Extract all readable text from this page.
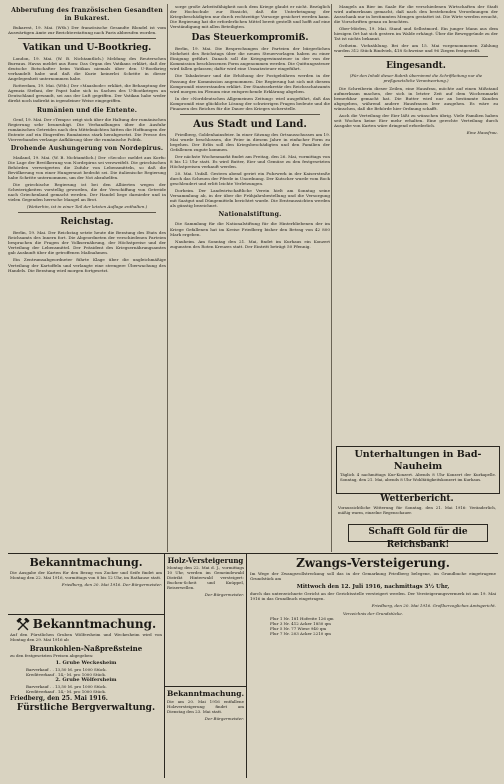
Abberufung des französischen Gesandten in Bukarest.

Bukarest, 19. Mai. (Wtb.) Der französische Gesandte Blondel ist vom Auswärtigen Amte zur Berichterstattung nach Paris abberufen worden.

Vatikan und U-Bootkrieg.

London, 19. Mai. (W. B. Nichtamtlich.) Meldung des Reuterschen Bureaus. Havas meldet aus Rom: Das Organ des Vatikans erklärt, daß der deutsche Botschafter beim Vatikan niemals über den U-Bootkrieg verhandelt habe und daß die Kurie keinerlei Schritte in dieser Angelegenheit unternommen habe.

Rotterdam, 19. Mai. (Wtb.) Der »Maasbode« erklärt, die Behauptung der Agenzia Stefani, der Papst habe sich in Sachen des U-Bootkrieges an Deutschland gewandt, sei aus der Luft gegriffen. Der Vatikan habe weder direkt noch indirekt in irgendeiner Weise eingegriffen.

Rumänien und die Entente.

Genf, 19. Mai. Der »Temps« zeigt sich über die Haltung der rumänischen Regierung sehr beunruhigt. Die Verhandlungen über die Ausfuhr rumänischen Getreides nach den Mittelmächten hätten die Hoffnungen der Entente auf ein Eingreifen Rumäniens stark herabgesetzt. Die Presse des Vierverbandes verlange Aufklärung über die rumänische Politik.

Drohende Aushungerung von Nordepirus.

Mailand, 19. Mai. (W. B. Nichtamtlich.) Der »Secolo« meldet aus Korfu: Die Lage der Bevölkerung von Nordepirus sei verzweifelt. Die griechischen Behörden verweigerten die Zufuhr von Lebensmitteln, so daß die Bevölkerung von einer Hungersnot bedroht sei. Die italienische Regierung habe Schritte unternommen, um der Not abzuhelfen.

Die griechische Regierung ist bei den Alliierten wegen der Schwierigkeiten vorstellig geworden, die der Verschiffung von Getreide nach Griechenland gemacht werden. Der Handel liege darnieder und in vielen Gegenden herrsche Mangel an Brot.

(Weiterhin, ist in einer Teil der letzten Auflage enthalten.)
Reichstag.

Berlin, 19. Mai. Der Reichstag setzte heute die Beratung des Etats des Reichsamts des Innern fort. Die Abgeordneten der verschiedenen Parteien besprachen die Fragen der Volksernährung, der Höchstpreise und der Verteilung der Lebensmittel. Der Präsident des Kriegsernährungsamtes gab Auskunft über die getroffenen Maßnahmen.

Ein Zentrumsabgeordneter führte Klage über die ungleichmäßige Verteilung der Kartoffeln und verlangte eine strengere Überwachung des Handels. Die Beratung wird morgen fortgesetzt.

sorge große Arbeitsfähigkeit noch dem Kriege glaubt er nicht. Bezüglich der Hochschule zur Einsicht, daß die Unterbringung der Kriegsbeschädigten nur durch rechtzeitige Vorsorge gesichert werden kann. Die Regierung hat die erforderlichen Mittel bereit gestellt und hofft auf eine Verständigung mit allen Beteiligten.

Das Steuerkompromiß.

Berlin, 19. Mai. Die Besprechungen der Parteien der bürgerlichen Mehrheit des Reichstags über die neuen Steuervorlagen haben zu einer Einigung geführt. Danach soll die Kriegsgewinnsteuer in der von der Kommission beschlossenen Form angenommen werden. Die Quittungssteuer wird fallen gelassen; dafür wird eine Umsatzsteuer eingeführt.

Die Tabaksteuer und die Erhöhung der Postgebühren werden in der Fassung der Kommission angenommen. Die Regierung hat sich mit diesem Kompromiß einverstanden erklärt. Der Staatssekretär des Reichsschatzamts wird morgen im Plenum eine entsprechende Erklärung abgeben.

In der »Norddeutschen Allgemeinen Zeitung« wird ausgeführt, daß das Kompromiß eine glückliche Lösung der schwierigen Fragen bedeute und die Finanzen des Reiches für die Dauer des Krieges sicherstelle.

Aus Stadt und Land.

Friedberg, Goldenhainsfeier. In einer Sitzung des Ortsausschusses am 19. Mai wurde beschlossen, die Feier in diesem Jahre in einfacher Form zu begehen. Der Erlös soll den Kriegsbeschädigten und den Familien der Gefallenen zugute kommen.

Der nächste Wochenmarkt findet am Freitag, den 26. Mai, vormittags von 8 bis 12 Uhr statt. Es wird Butter, Eier und Gemüse zu den festgesetzten Höchstpreisen verkauft werden.

20. Mai. Unfall. Gestern abend geriet ein Fuhrwerk in der Kaiserstraße durch das Scheuen der Pferde in Unordnung. Der Kutscher wurde vom Bock geschleudert und erlitt leichte Verletzungen.

Dorheim. Der Landwirtschaftliche Verein hielt am Sonntag seine Versammlung ab, in der über die Frühjahrsbestellung und die Versorgung mit Saatgut und Düngemitteln berichtet wurde. Die Ernteaussichten werden als günstig bezeichnet.

Nationalstiftung.

Die Sammlung für die Nationalstiftung für die Hinterbliebenen der im Kriege Gefallenen hat im Kreise Friedberg bisher den Betrag von 42 800 Mark ergeben.

Nauheim. Am Sonntag den 21. Mai, findet im Kurhaus ein Konzert zugunsten des Roten Kreuzes statt. Der Eintritt beträgt 50 Pfennig.

Mangels an Bier im Saale für die verschiedenen Wirtschaften der Stadt wird aufmerksam gemacht, daß nach den bestehenden Verordnungen der Ausschank nur in bestimmten Mengen gestattet ist. Die Wirte werden ersucht, die Vorschriften genau zu beachten.

Ober-Mörlen, 19. Mai. Stand und Selbstmord. Ein junger Mann aus dem hiesigen Ort hat sich gestern im Walde erhängt. Über die Beweggründe zu der Tat ist nichts bekannt.

Ostheim. Viehzählung. Bei der am 15. Mai vorgenommenen Zählung wurden 312 Stück Rindvieh, 418 Schweine und 96 Ziegen festgestellt.

Eingesandt.
(Für den Inhalt dieser Rubrik übernimmt die Schriftleitung nur die preßgesetzliche Verantwortung.)

Die Schreiberin dieser Zeilen, eine Hausfrau, möchte auf einen Mißstand aufmerksam machen, der sich in letzter Zeit auf dem Wochenmarkt bemerkbar gemacht hat. Die Butter wird nur an bestimmte Kunden abgegeben, während andere Hausfrauen leer ausgehen. Es wäre zu wünschen, daß die Behörde hier Ordnung schafft.

Auch die Verteilung der Eier läßt zu wünschen übrig. Viele Familien haben seit Wochen keine Eier mehr erhalten. Eine gerechte Verteilung durch Ausgabe von Karten wäre dringend erforderlich.

Eine Hausfrau.
Unterhaltungen in Bad-Nauheim
Täglich 4 nachmittags Kur-Konzert. Abends 8 Uhr Konzert der Kurkapelle. Sonntag, den 21. Mai, abends 8 Uhr Wohltätigkeitskonzert im Kurhaus.
Wetterbericht.
Voraussichtliche Witterung für Sonntag, den 21. Mai 1916: Veränderlich, mäßig warm, einzelne Regenschauer.
Schafft Gold für die Reichsbank!
Bekanntmachung.

Die Ausgabe der Karten für den Bezug von Zucker und Seife findet am Montag den 22. Mai 1916, vormittags von 8 bis 12 Uhr, im Rathause statt.

Friedberg, den 20. Mai 1916. Der Bürgermeister.
Bekanntmachung.

Auf den Fürstlichen Gruben Wölfersheim und Weckesheim wird von Montag den 29. Mai 1916 ab

Braunkohlen-Naßpreßsteine

zu den festgesetzten Preisen abgegeben:

1. Grube Weckesheim
Barverkauf . . 13,50 M. pro 1000 Stück.
Kreditverkauf . 14,- M. pro 1000 Stück.
2. Grube Wölfersheim
Barverkauf . . 13,50 M. pro 1000 Stück.
Kreditverkauf . 14,- M. pro 1000 Stück.
Friedberg, den 25. Mai 1916.
Fürstliche Bergverwaltung.
Holz-Versteigerung

Montag den 22. Mai d. J., vormittags 10 Uhr, werden im Gemeindewald Distrikt Hinterwald versteigert: Buchen-Scheit und Knüppel, Reiserwellen.

Der Bürgermeister.
Bekanntmachung.

Die am 20. Mai 1916 entfallene Holzversteigerung findet am Dienstag den 23. Mai statt.

Der Bürgermeister.
Zwangs-Versteigerung.

Im Wege der Zwangsvollstreckung soll das in der Gemarkung Friedberg belegene, im Grundbuche eingetragene Grundstück am

Mittwoch den 12. Juli 1916, nachmittags 3½ Uhr,

durch das unterzeichnete Gericht an der Gerichtsstelle versteigert werden. Der Versteigerungsvermerk ist am 19. Mai 1916 in das Grundbuch eingetragen.

Friedberg, den 20. Mai 1916. Großherzogliches Amtsgericht.
Verzeichnis der Grundstücke.
Flur 1 Nr. 181 Hofreite 126 qm
Flur 3 Nr. 412 Acker 1850 qm
Flur 5 Nr. 77 Wiese 940 qm
Flur 7 Nr. 203 Acker 2210 qm
